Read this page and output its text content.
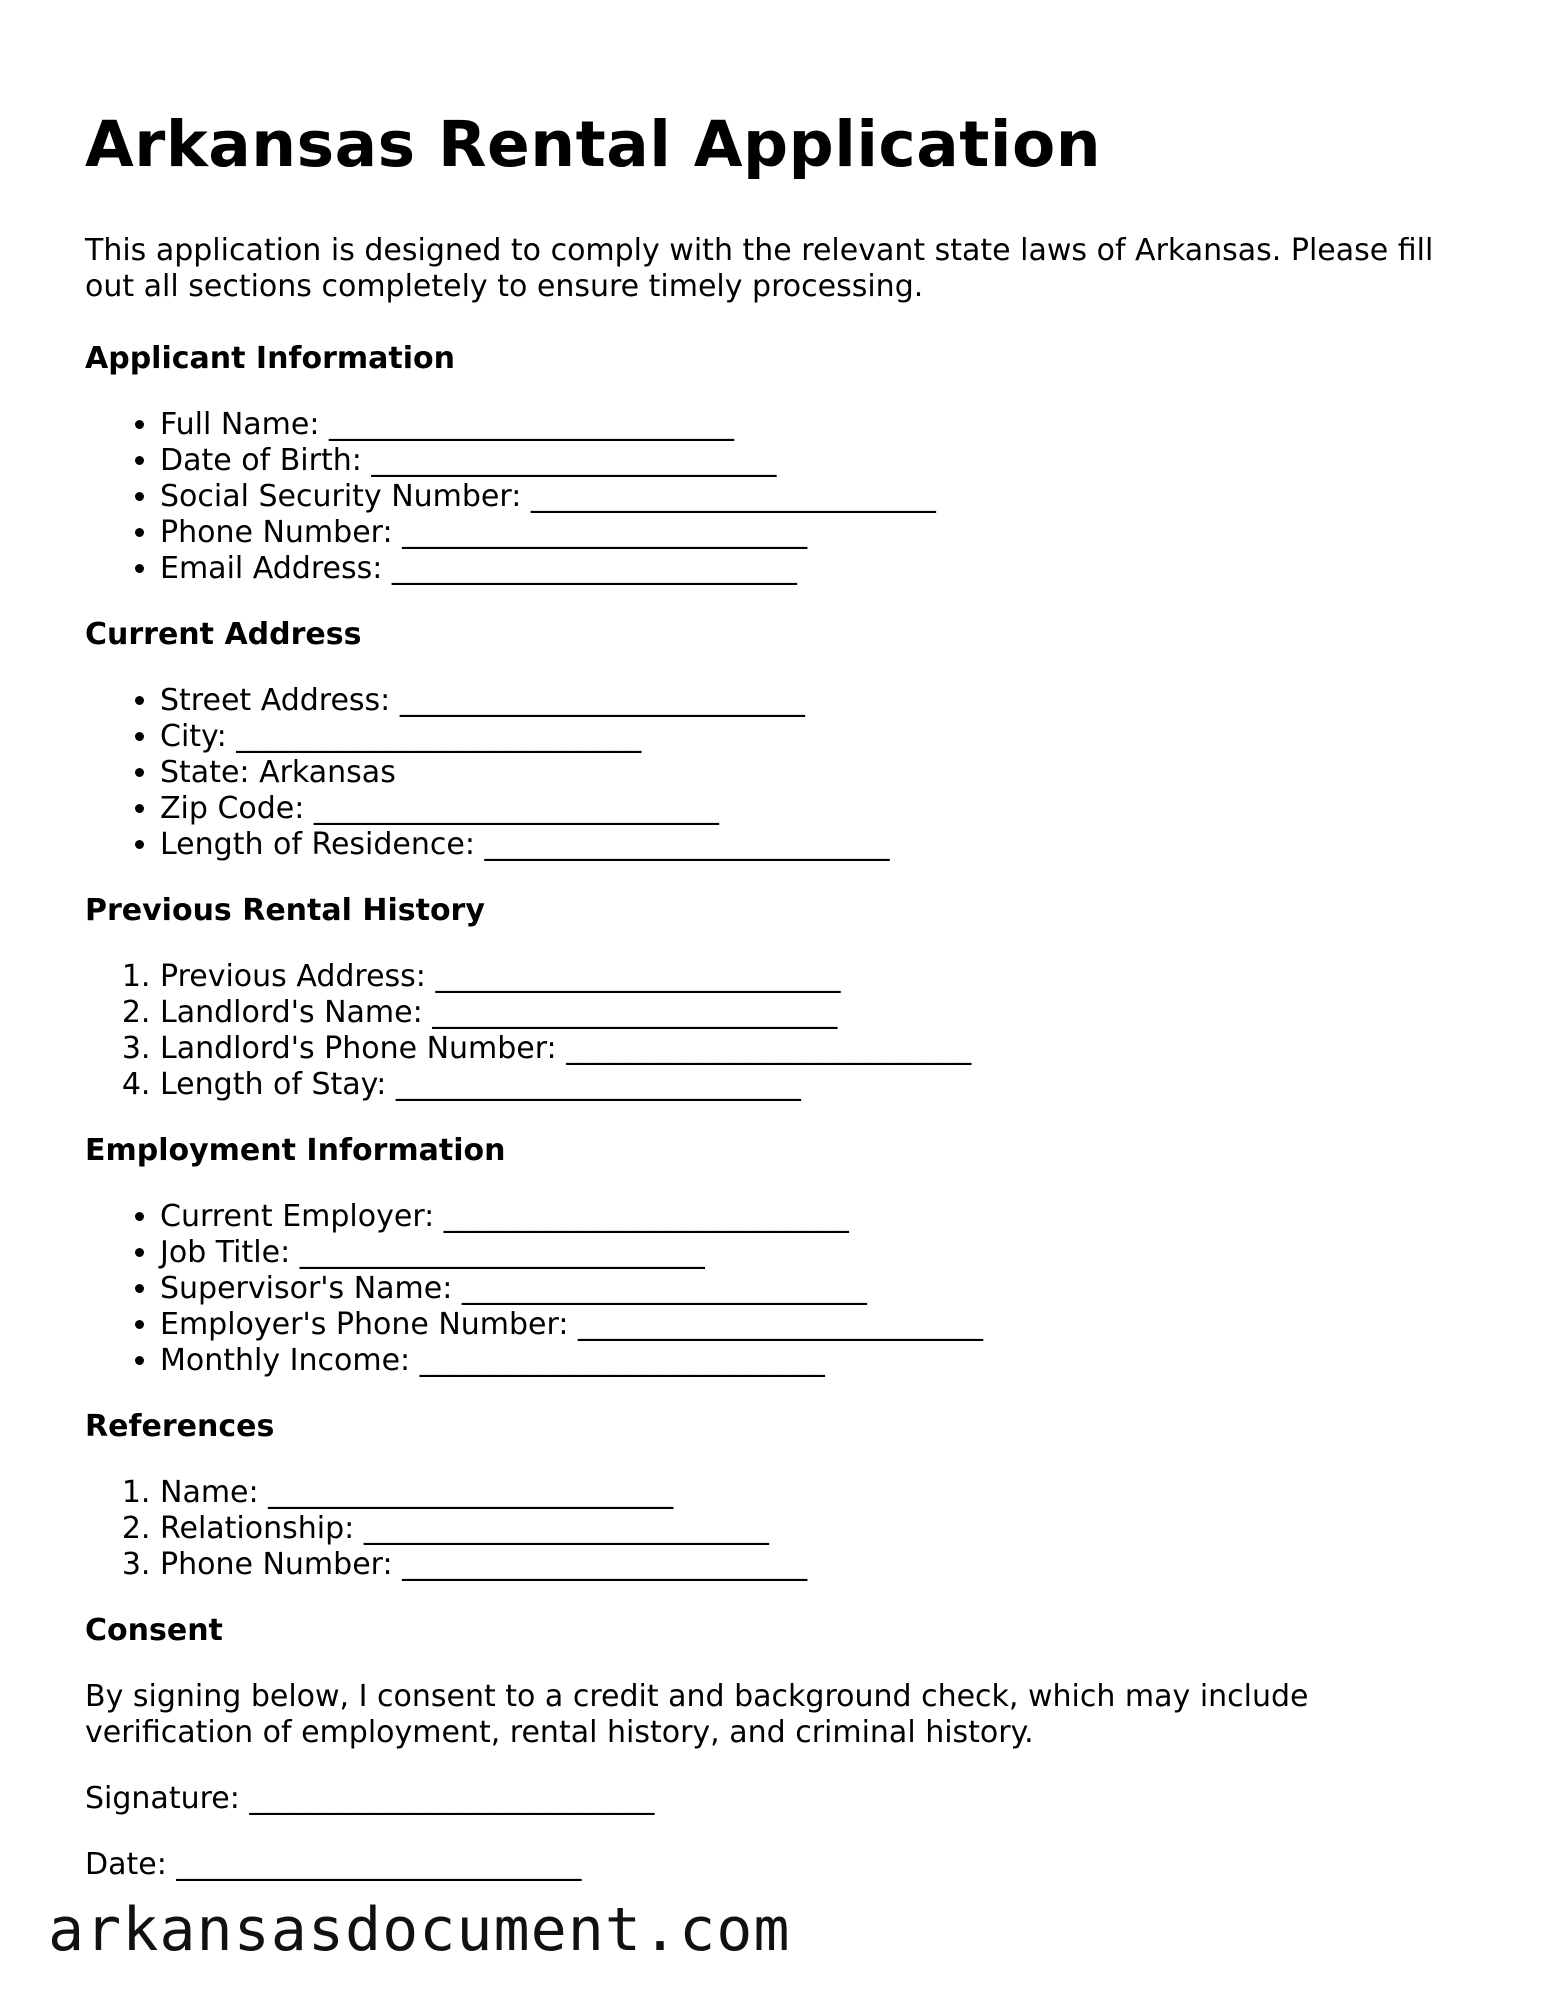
Arkansas Rental Application

This application is designed to comply with the relevant state laws of Arkansas. Please fill out all sections completely to ensure timely processing.

Applicant Information
• Full Name: ___________________________
• Date of Birth: ___________________________
• Social Security Number: ___________________________
• Phone Number: ___________________________
• Email Address: ___________________________
Current Address
• Street Address: ___________________________
• City: ___________________________
• State: Arkansas
• Zip Code: ___________________________
• Length of Residence: ___________________________
Previous Rental History
1. Previous Address: ___________________________
2. Landlord's Name: ___________________________
3. Landlord's Phone Number: ___________________________
4. Length of Stay: ___________________________
Employment Information
• Current Employer: ___________________________
• Job Title: ___________________________
• Supervisor's Name: ___________________________
• Employer's Phone Number: ___________________________
• Monthly Income: ___________________________
References
1. Name: ___________________________
2. Relationship: ___________________________
3. Phone Number: ___________________________
Consent

By signing below, I consent to a credit and background check, which may include verification of employment, rental history, and criminal history.

Signature: ___________________________

Date: ___________________________

arkansasdocument.com
